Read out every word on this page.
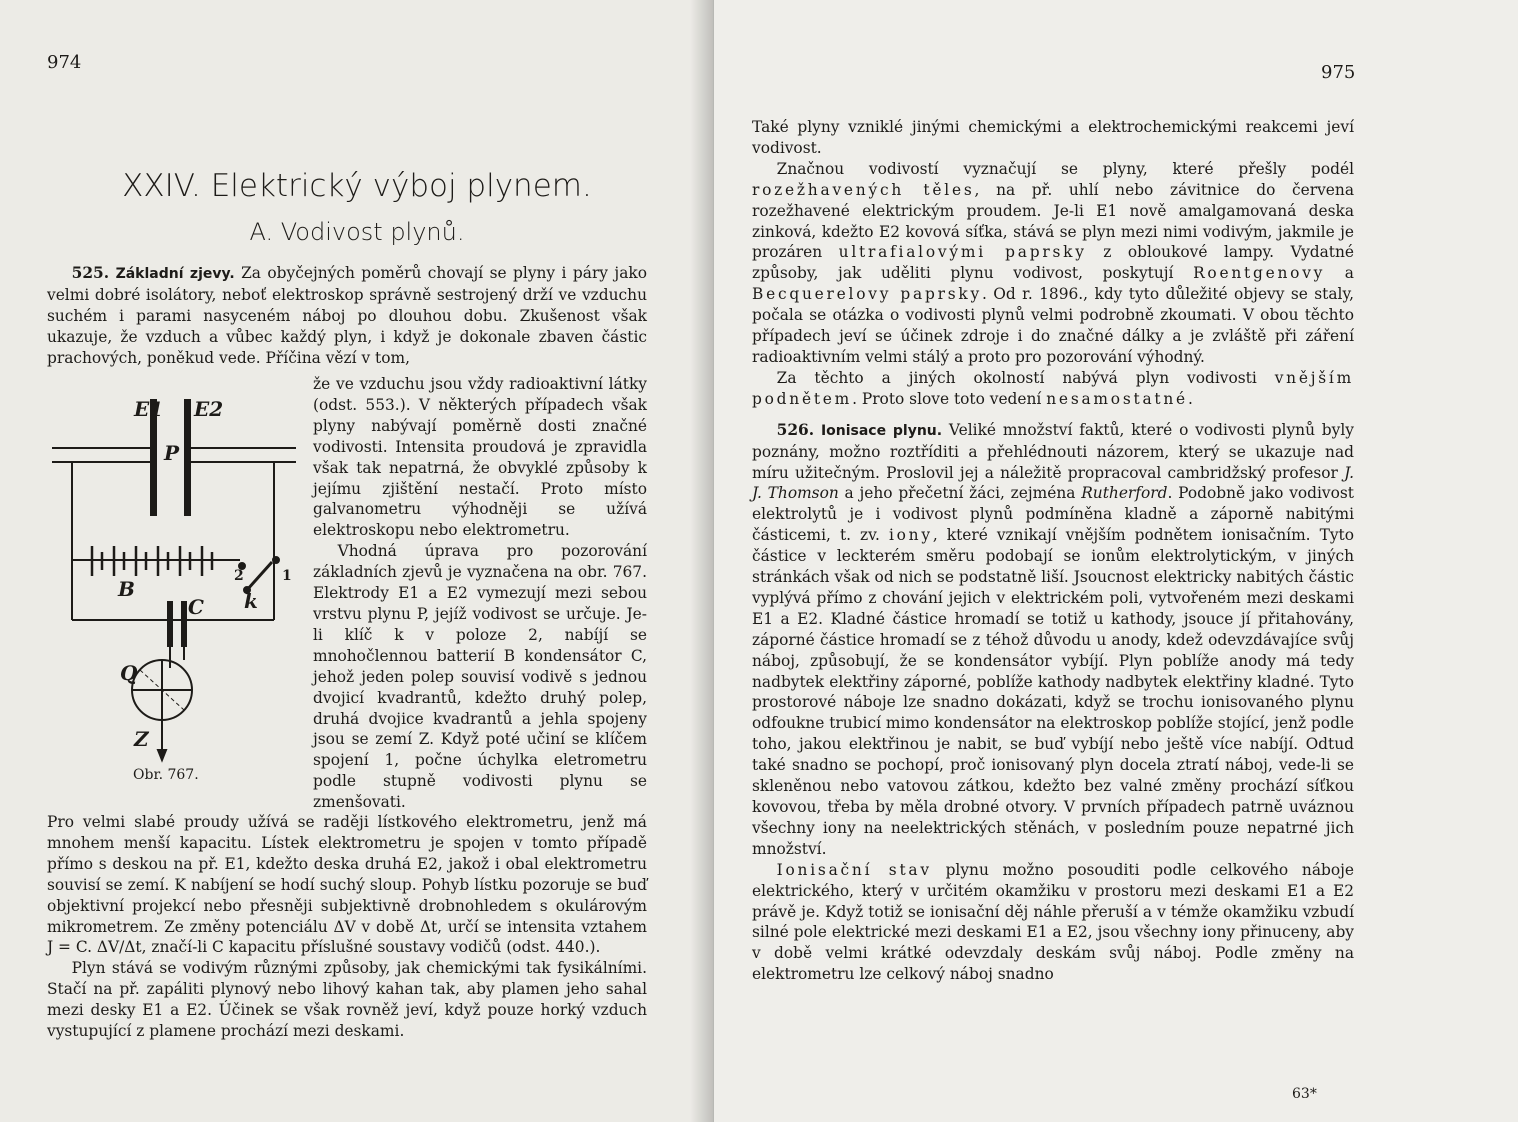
974
XXIV. Elektrický výboj plynem.
A. Vodivost plynů.

525. Základní zjevy. Za obyčejných poměrů chovají se plyny i páry jako velmi dobré isolátory, neboť elektroskop správně sestrojený drží ve vzduchu suchém i parami nasyceném náboj po dlouhou dobu. Zkušenost však ukazuje, že vzduch a vůbec každý plyn, i když je dokonale zbaven částic prachových, poněkud vede. Příčina vězí v tom,

že ve vzduchu jsou vždy radioaktivní látky (odst. 553.). V některých případech však plyny nabývají poměrně dosti značné vodivosti. Intensita proudová je zpravidla však tak nepatrná, že obvyklé způsoby k jejímu zjištění nestačí. Proto místo galvanometru výhodněji se užívá elektroskopu nebo elektrometru.

Vhodná úprava pro pozorování základních zjevů je vyznačena na obr. 767. Elektrody E1 a E2 vymezují mezi sebou vrstvu plynu P, jejíž vodivost se určuje. Je-li klíč k v poloze 2, nabíjí se mnohočlennou batterií B kondensátor C, jehož jeden polep souvisí vodivě s jednou dvojicí kvadrantů, kdežto druhý polep, druhá dvojice kvadrantů a jehla spojeny jsou se zemí Z. Když poté učiní se klíčem spojení 1, počne úchylka eletrometru podle stupně vodivosti plynu se zmenšovati.

E1 E2
P
B
C k
Q
Z
2	1
Obr. 767.

Pro velmi slabé proudy užívá se raději lístkového elektrometru, jenž má mnohem menší kapacitu. Lístek elektrometru je spojen v tomto případě přímo s deskou na př. E1, kdežto deska druhá E2, jakož i obal elektrometru souvisí se zemí. K nabíjení se hodí suchý sloup. Pohyb lístku pozoruje se buď objektivní projekcí nebo přesněji subjektivně drobnohledem s okulárovým mikrometrem. Ze změny potenciálu ΔV v době Δt, určí se intensita vztahem J = C. ΔV/Δt, značí-li C kapacitu příslušné soustavy vodičů (odst. 440.).

Plyn stává se vodivým různými způsoby, jak chemickými tak fysikálními. Stačí na př. zapáliti plynový nebo lihový kahan tak, aby plamen jeho sahal mezi desky E1 a E2. Účinek se však rovněž jeví, když pouze horký vzduch vystupující z plamene prochází mezi deskami.

975

Také plyny vzniklé jinými chemickými a elektrochemickými reakcemi jeví vodivost.

Značnou vodivostí vyznačují se plyny, které přešly podél rozežhavených těles, na př. uhlí nebo závitnice do červena rozežhavené elektrickým proudem. Je-li E1 nově amalgamovaná deska zinková, kdežto E2 kovová síťka, stává se plyn mezi nimi vodivým, jakmile je prozáren ultrafialovými paprsky z obloukové lampy. Vydatné způsoby, jak uděliti plynu vodivost, poskytují Roentgenovy a Becquerelovy paprsky. Od r. 1896., kdy tyto důležité objevy se staly, počala se otázka o vodivosti plynů velmi podrobně zkoumati. V obou těchto případech jeví se účinek zdroje i do značné dálky a je zvláště při záření radioaktivním velmi stálý a proto pro pozorování výhodný.

Za těchto a jiných okolností nabývá plyn vodivosti vnějším podnětem. Proto slove toto vedení nesamostatné.

526. Ionisace plynu. Veliké množství faktů, které o vodivosti plynů byly poznány, možno roztříditi a přehlédnouti názorem, který se ukazuje nad míru užitečným. Proslovil jej a náležitě propracoval cambridžský profesor J. J. Thomson a jeho přečetní žáci, zejména Rutherford. Podobně jako vodivost elektrolytů je i vodivost plynů podmíněna kladně a záporně nabitými částicemi, t. zv. iony, které vznikají vnějším podnětem ionisačním. Tyto částice v leckterém směru podobají se ionům elektrolytickým, v jiných stránkách však od nich se podstatně liší. Jsoucnost elektricky nabitých částic vyplývá přímo z chování jejich v elektrickém poli, vytvořeném mezi deskami E1 a E2. Kladné částice hromadí se totiž u kathody, jsouce jí přitahovány, záporné částice hromadí se z téhož důvodu u anody, kdež odevzdávajíce svůj náboj, způsobují, že se kondensátor vybíjí. Plyn poblíže anody má tedy nadbytek elektřiny záporné, poblíže kathody nadbytek elektřiny kladné. Tyto prostorové náboje lze snadno dokázati, když se trochu ionisovaného plynu odfoukne trubicí mimo kondensátor na elektroskop poblíže stojící, jenž podle toho, jakou elektřinou je nabit, se buď vybíjí nebo ještě více nabíjí. Odtud také snadno se pochopí, proč ionisovaný plyn docela ztratí náboj, vede-li se skleněnou nebo vatovou zátkou, kdežto bez valné změny prochází síťkou kovovou, třeba by měla drobné otvory. V prvních případech patrně uváznou všechny iony na neelektrických stěnách, v posledním pouze nepatrné jich množství.

Ionisační stav plynu možno posouditi podle celkového náboje elektrického, který v určitém okamžiku v prostoru mezi deskami E1 a E2 právě je. Když totiž se ionisační děj náhle přeruší a v témže okamžiku vzbudí silné pole elektrické mezi deskami E1 a E2, jsou všechny iony přinuceny, aby v době velmi krátké odevzdaly deskám svůj náboj. Podle změny na elektrometru lze celkový náboj snadno

63*
